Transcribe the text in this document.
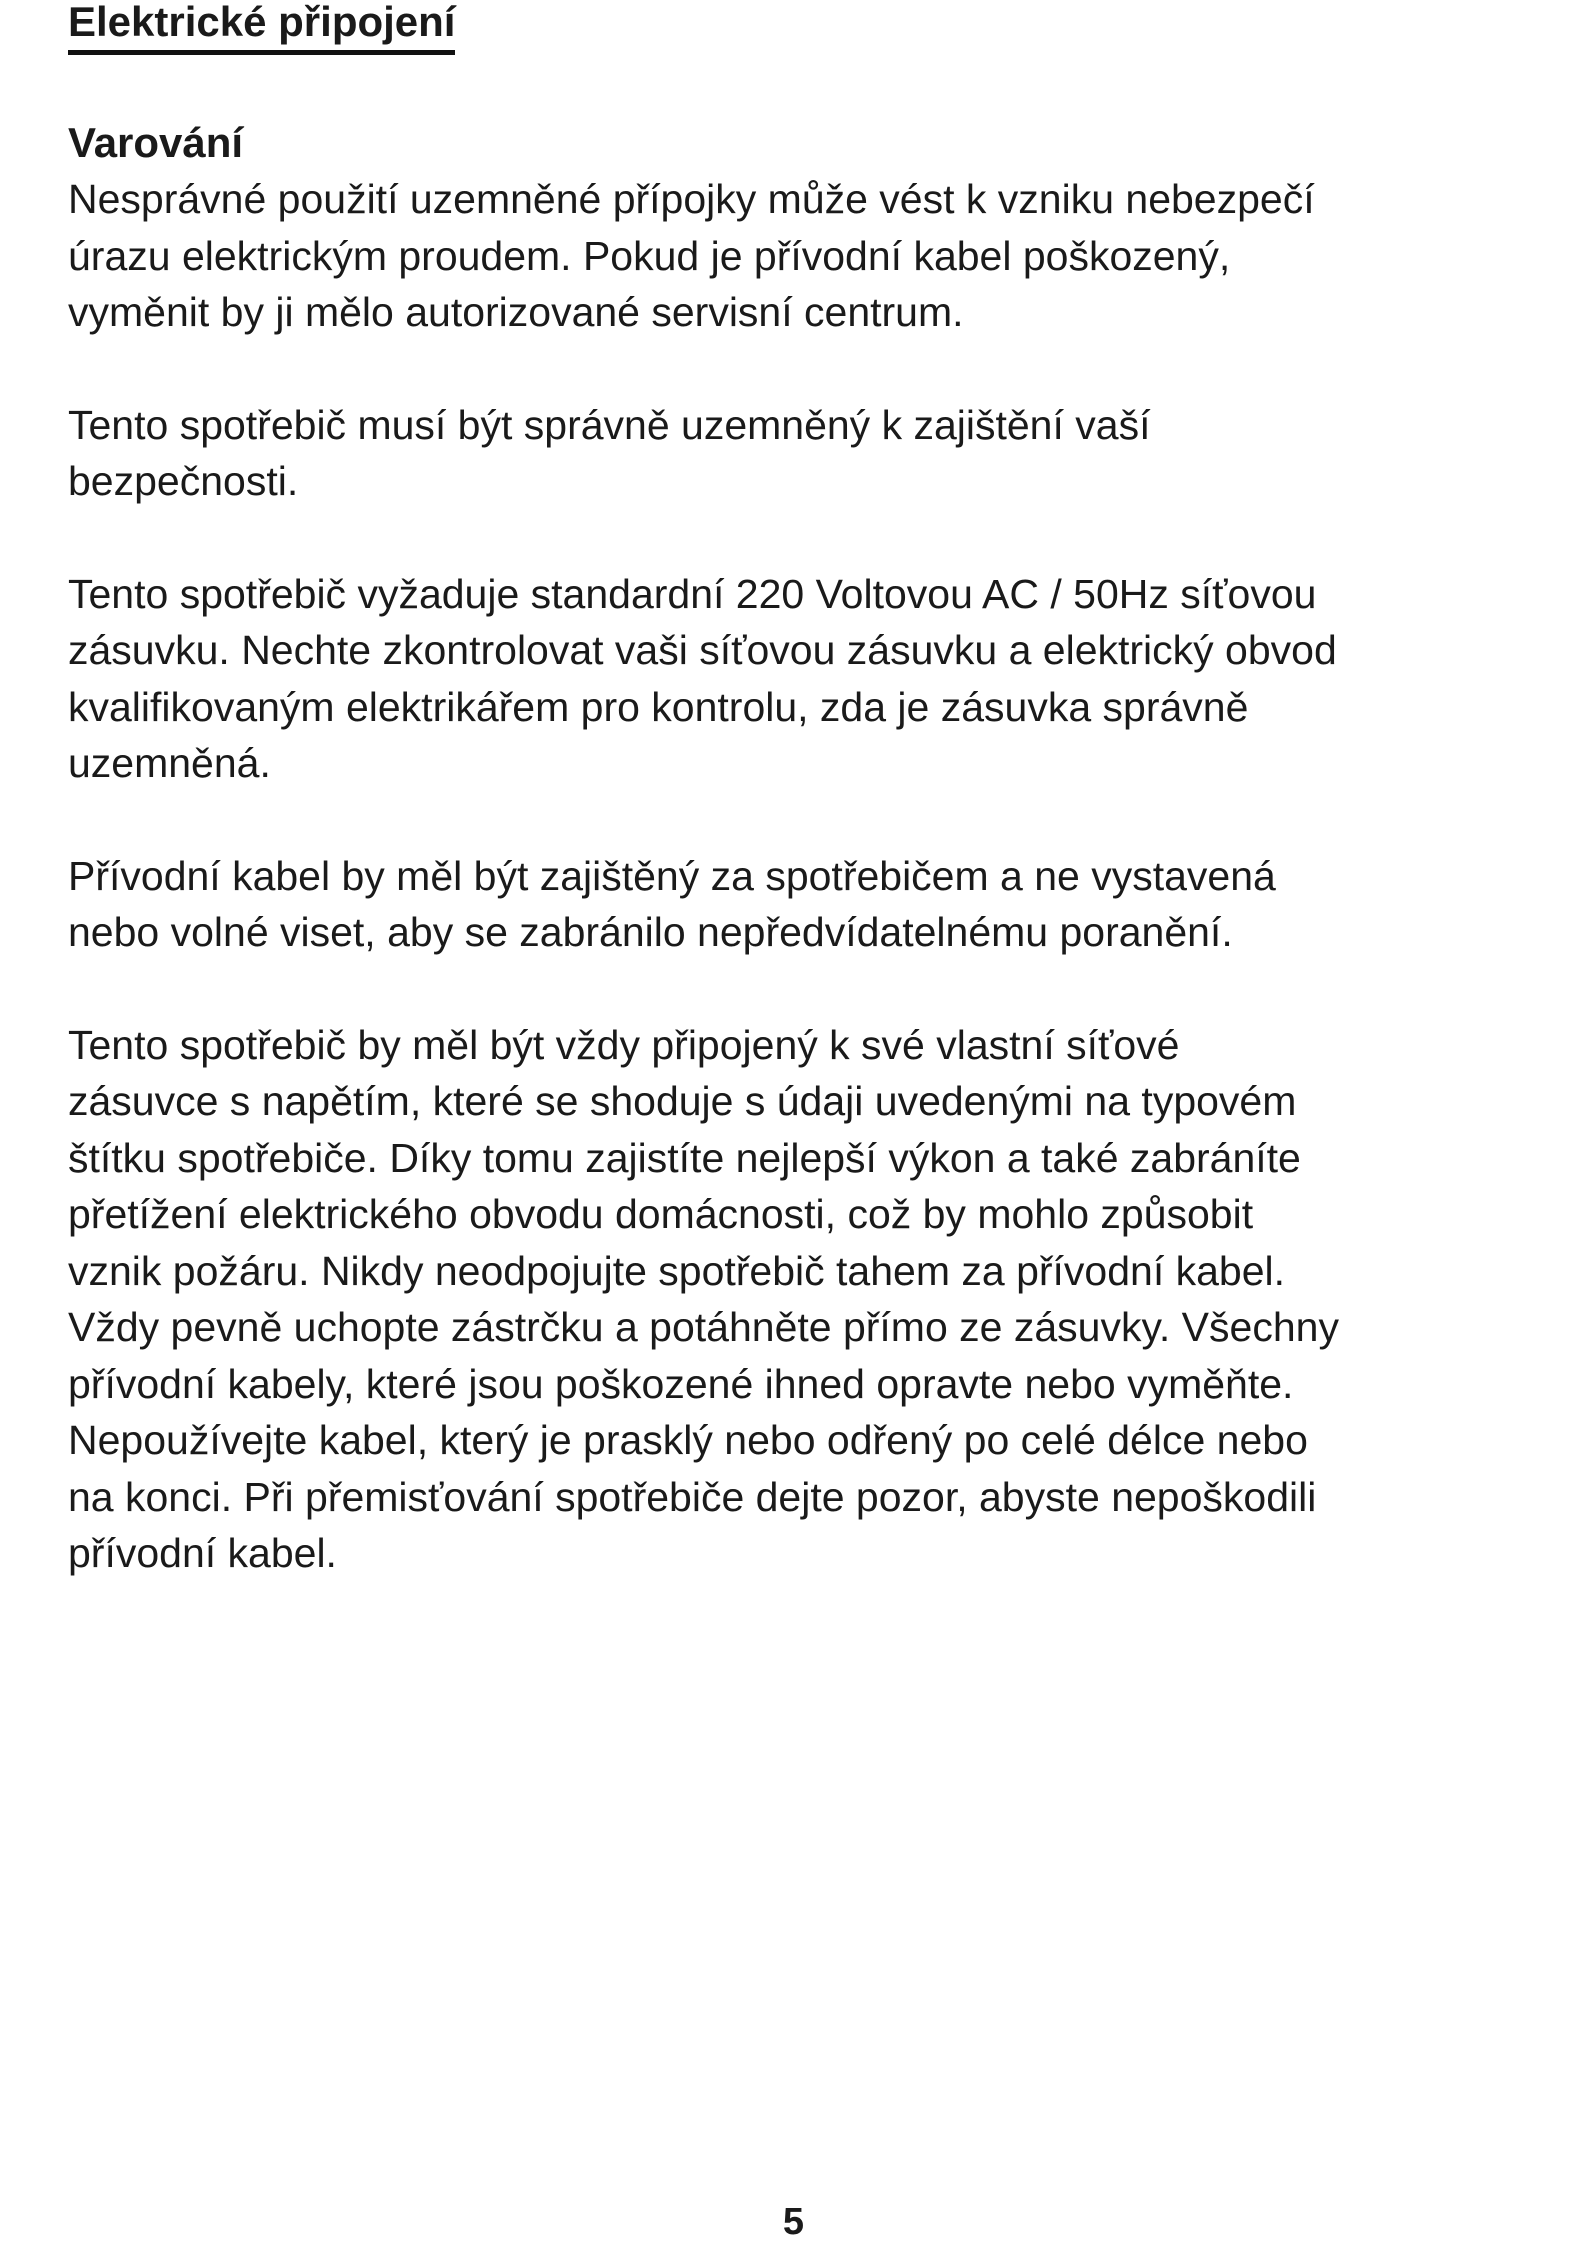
Elektrické připojení
Varování

Nesprávné použití uzemněné přípojky může vést k vzniku nebezpečí
úrazu elektrickým proudem. Pokud je přívodní kabel poškozený,
vyměnit by ji mělo autorizované servisní centrum.

Tento spotřebič musí být správně uzemněný k zajištění vaší
bezpečnosti.

Tento spotřebič vyžaduje standardní 220 Voltovou AC / 50Hz síťovou
zásuvku. Nechte zkontrolovat vaši síťovou zásuvku a elektrický obvod
kvalifikovaným elektrikářem pro kontrolu, zda je zásuvka správně
uzemněná.

Přívodní kabel by měl být zajištěný za spotřebičem a ne vystavená
nebo volné viset, aby se zabránilo nepředvídatelnému poranění.

Tento spotřebič by měl být vždy připojený k své vlastní síťové
zásuvce s napětím, které se shoduje s údaji uvedenými na typovém
štítku spotřebiče. Díky tomu zajistíte nejlepší výkon a také zabráníte
přetížení elektrického obvodu domácnosti, což by mohlo způsobit
vznik požáru. Nikdy neodpojujte spotřebič tahem za přívodní kabel.
Vždy pevně uchopte zástrčku a potáhněte přímo ze zásuvky. Všechny
přívodní kabely, které jsou poškozené ihned opravte nebo vyměňte.
Nepoužívejte kabel, který je prasklý nebo odřený po celé délce nebo
na konci. Při přemisťování spotřebiče dejte pozor, abyste nepoškodili
přívodní kabel.

5
